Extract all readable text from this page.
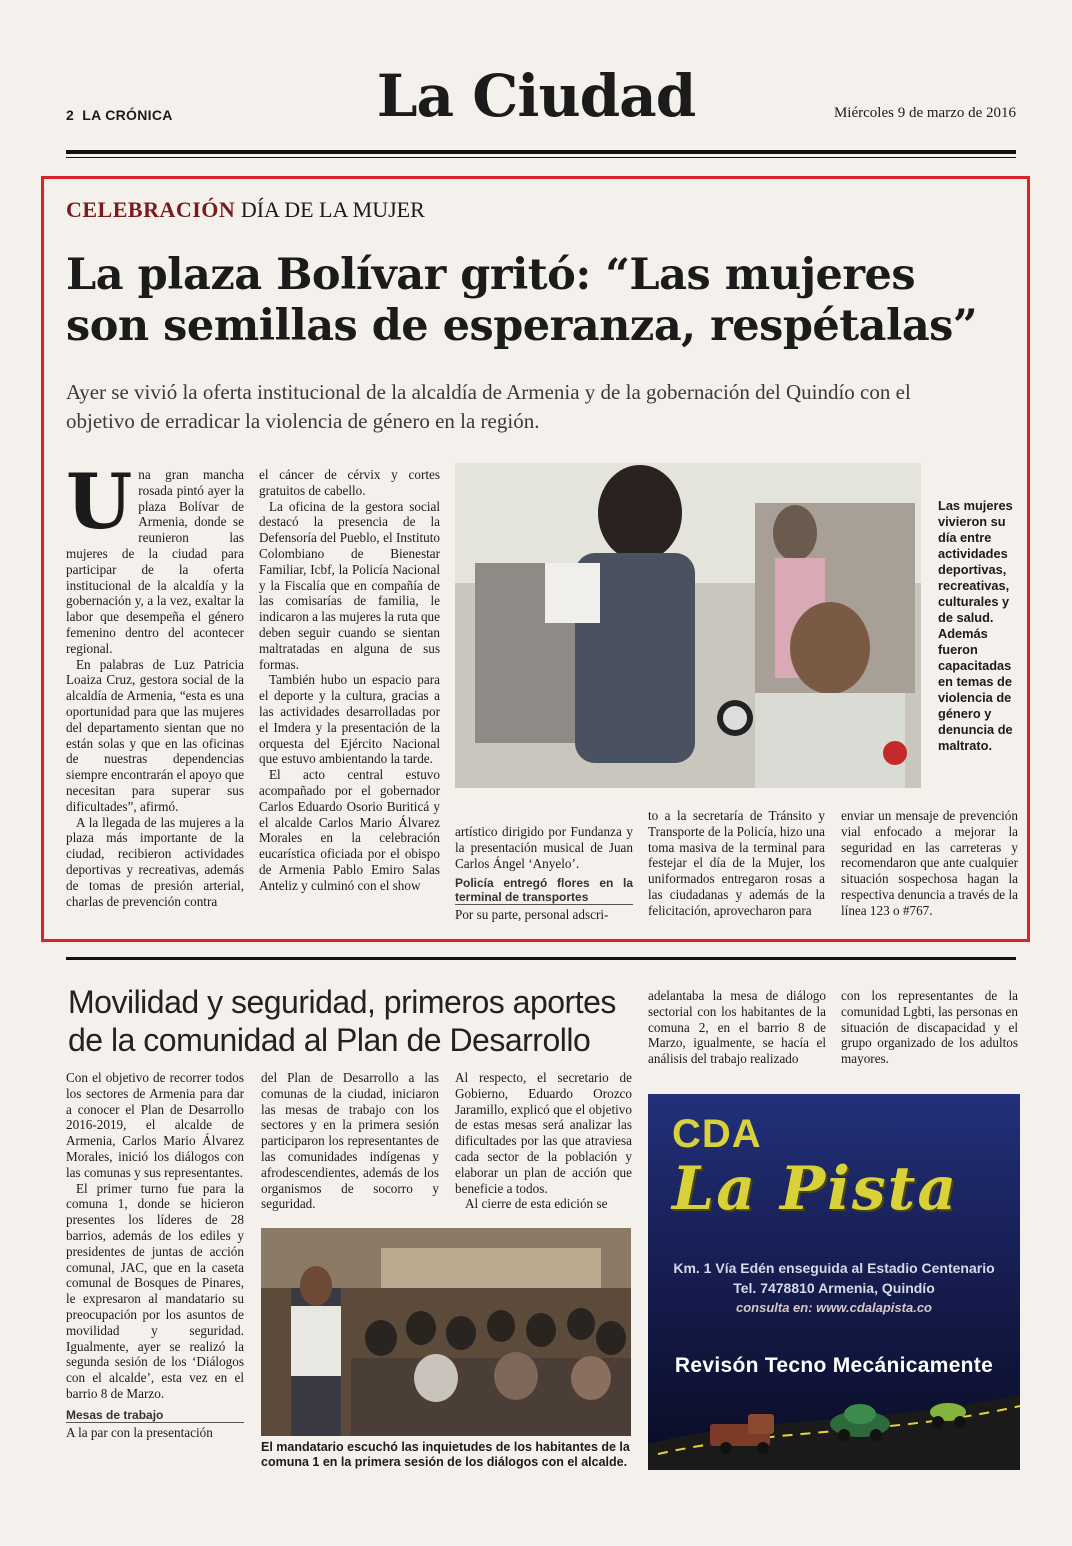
2 LA CRÓNICA	La Ciudad	Miércoles 9 de marzo de 2016
CELEBRACIÓN DÍA DE LA MUJER
La plaza Bolívar gritó: “Las mujeres
son semillas de esperanza, respétalas”
Ayer se vivió la oferta institucional de la alcaldía de Armenia y de la gobernación del Quindío con el
objetivo de erradicar la violencia de género en la región.

Una gran mancha rosada pintó ayer la plaza Bolívar de Armenia, donde se reunieron las mujeres de la ciudad para participar de la oferta institucional de la alcaldía y la gobernación y, a la vez, exaltar la labor que desempeña el género femenino dentro del acontecer regional.

En palabras de Luz Patricia Loaiza Cruz, gestora social de la alcaldía de Armenia, “esta es una oportunidad para que las mujeres del departamento sientan que no están solas y que en las oficinas de nuestras dependencias siempre encontrarán el apoyo que necesitan para superar sus dificultades”, afirmó.

A la llegada de las mujeres a la plaza más importante de la ciudad, recibieron actividades deportivas y recreativas, además de tomas de presión arterial, charlas de prevención contra

el cáncer de cérvix y cortes gratuitos de cabello.

La oficina de la gestora social destacó la presencia de la Defensoría del Pueblo, el Instituto Colombiano de Bienestar Familiar, Icbf, la Policía Nacional y la Fiscalía que en compañía de las comisarías de familia, le indicaron a las mujeres la ruta que deben seguir cuando se sientan maltratadas en alguna de sus formas.

También hubo un espacio para el deporte y la cultura, gracias a las actividades desarrolladas por el Imdera y la presentación de la orquesta del Ejército Nacional que estuvo ambientando la tarde.

El acto central estuvo acompañado por el gobernador Carlos Eduardo Osorio Buriticá y el alcalde Carlos Mario Álvarez Morales en la celebración eucarística oficiada por el obispo de Armenia Pablo Emiro Salas Anteliz y culminó con el show

Las mujeres vivieron su día entre actividades deportivas, recreativas, culturales y de salud. Además fueron capacitadas en temas de violencia de género y denuncia de maltrato.

artístico dirigido por Fundanza y la presentación musical de Juan Carlos Ángel ‘Anyelo’.

Policía entregó flores en la terminal de transportes

Por su parte, personal adscri-

to a la secretaría de Tránsito y Transporte de la Policía, hizo una toma masiva de la terminal para festejar el día de la Mujer, los uniformados entregaron rosas a las ciudadanas y además de la felicitación, aprovecharon para

enviar un mensaje de prevención vial enfocado a mejorar la seguridad en las carreteras y recomendaron que ante cualquier situación sospechosa hagan la respectiva denuncia a través de la línea 123 o #767.

Movilidad y seguridad, primeros aportes
de la comunidad al Plan de Desarrollo

Con el objetivo de recorrer todos los sectores de Armenia para dar a conocer el Plan de Desarrollo 2016-2019, el alcalde de Armenia, Carlos Mario Álvarez Morales, inició los diálogos con las comunas y sus representantes.

El primer turno fue para la comuna 1, donde se hicieron presentes los líderes de 28 barrios, además de los ediles y presidentes de juntas de acción comunal, JAC, que en la caseta comunal de Bosques de Pinares, le expresaron al mandatario su preocupación por los asuntos de movilidad y seguridad. Igualmente, ayer se realizó la segunda sesión de los ‘Diálogos con el alcalde’, esta vez en el barrio 8 de Marzo.

Mesas de trabajo

A la par con la presentación

del Plan de Desarrollo a las comunas de la ciudad, iniciaron las mesas de trabajo con los sectores y en la primera sesión participaron los representantes de las comunidades indígenas y afrodescendientes, además de los organismos de socorro y seguridad.

Al respecto, el secretario de Gobierno, Eduardo Orozco Jaramillo, explicó que el objetivo de estas mesas será analizar las dificultades por las que atraviesa cada sector de la población y elaborar un plan de acción que beneficie a todos.

Al cierre de esta edición se

adelantaba la mesa de diálogo sectorial con los habitantes de la comuna 2, en el barrio 8 de Marzo, igualmente, se hacía el análisis del trabajo realizado

con los representantes de la comunidad Lgbti, las personas en situación de discapacidad y el grupo organizado de los adultos mayores.

El mandatario escuchó las inquietudes de los habitantes de la comuna 1 en la primera sesión de los diálogos con el alcalde.
CDA
La Pista
Km. 1 Vía Edén enseguida al Estadio Centenario
Tel. 7478810 Armenia, Quindío
consulta en: www.cdalapista.co
Revisón Tecno Mecánicamente
